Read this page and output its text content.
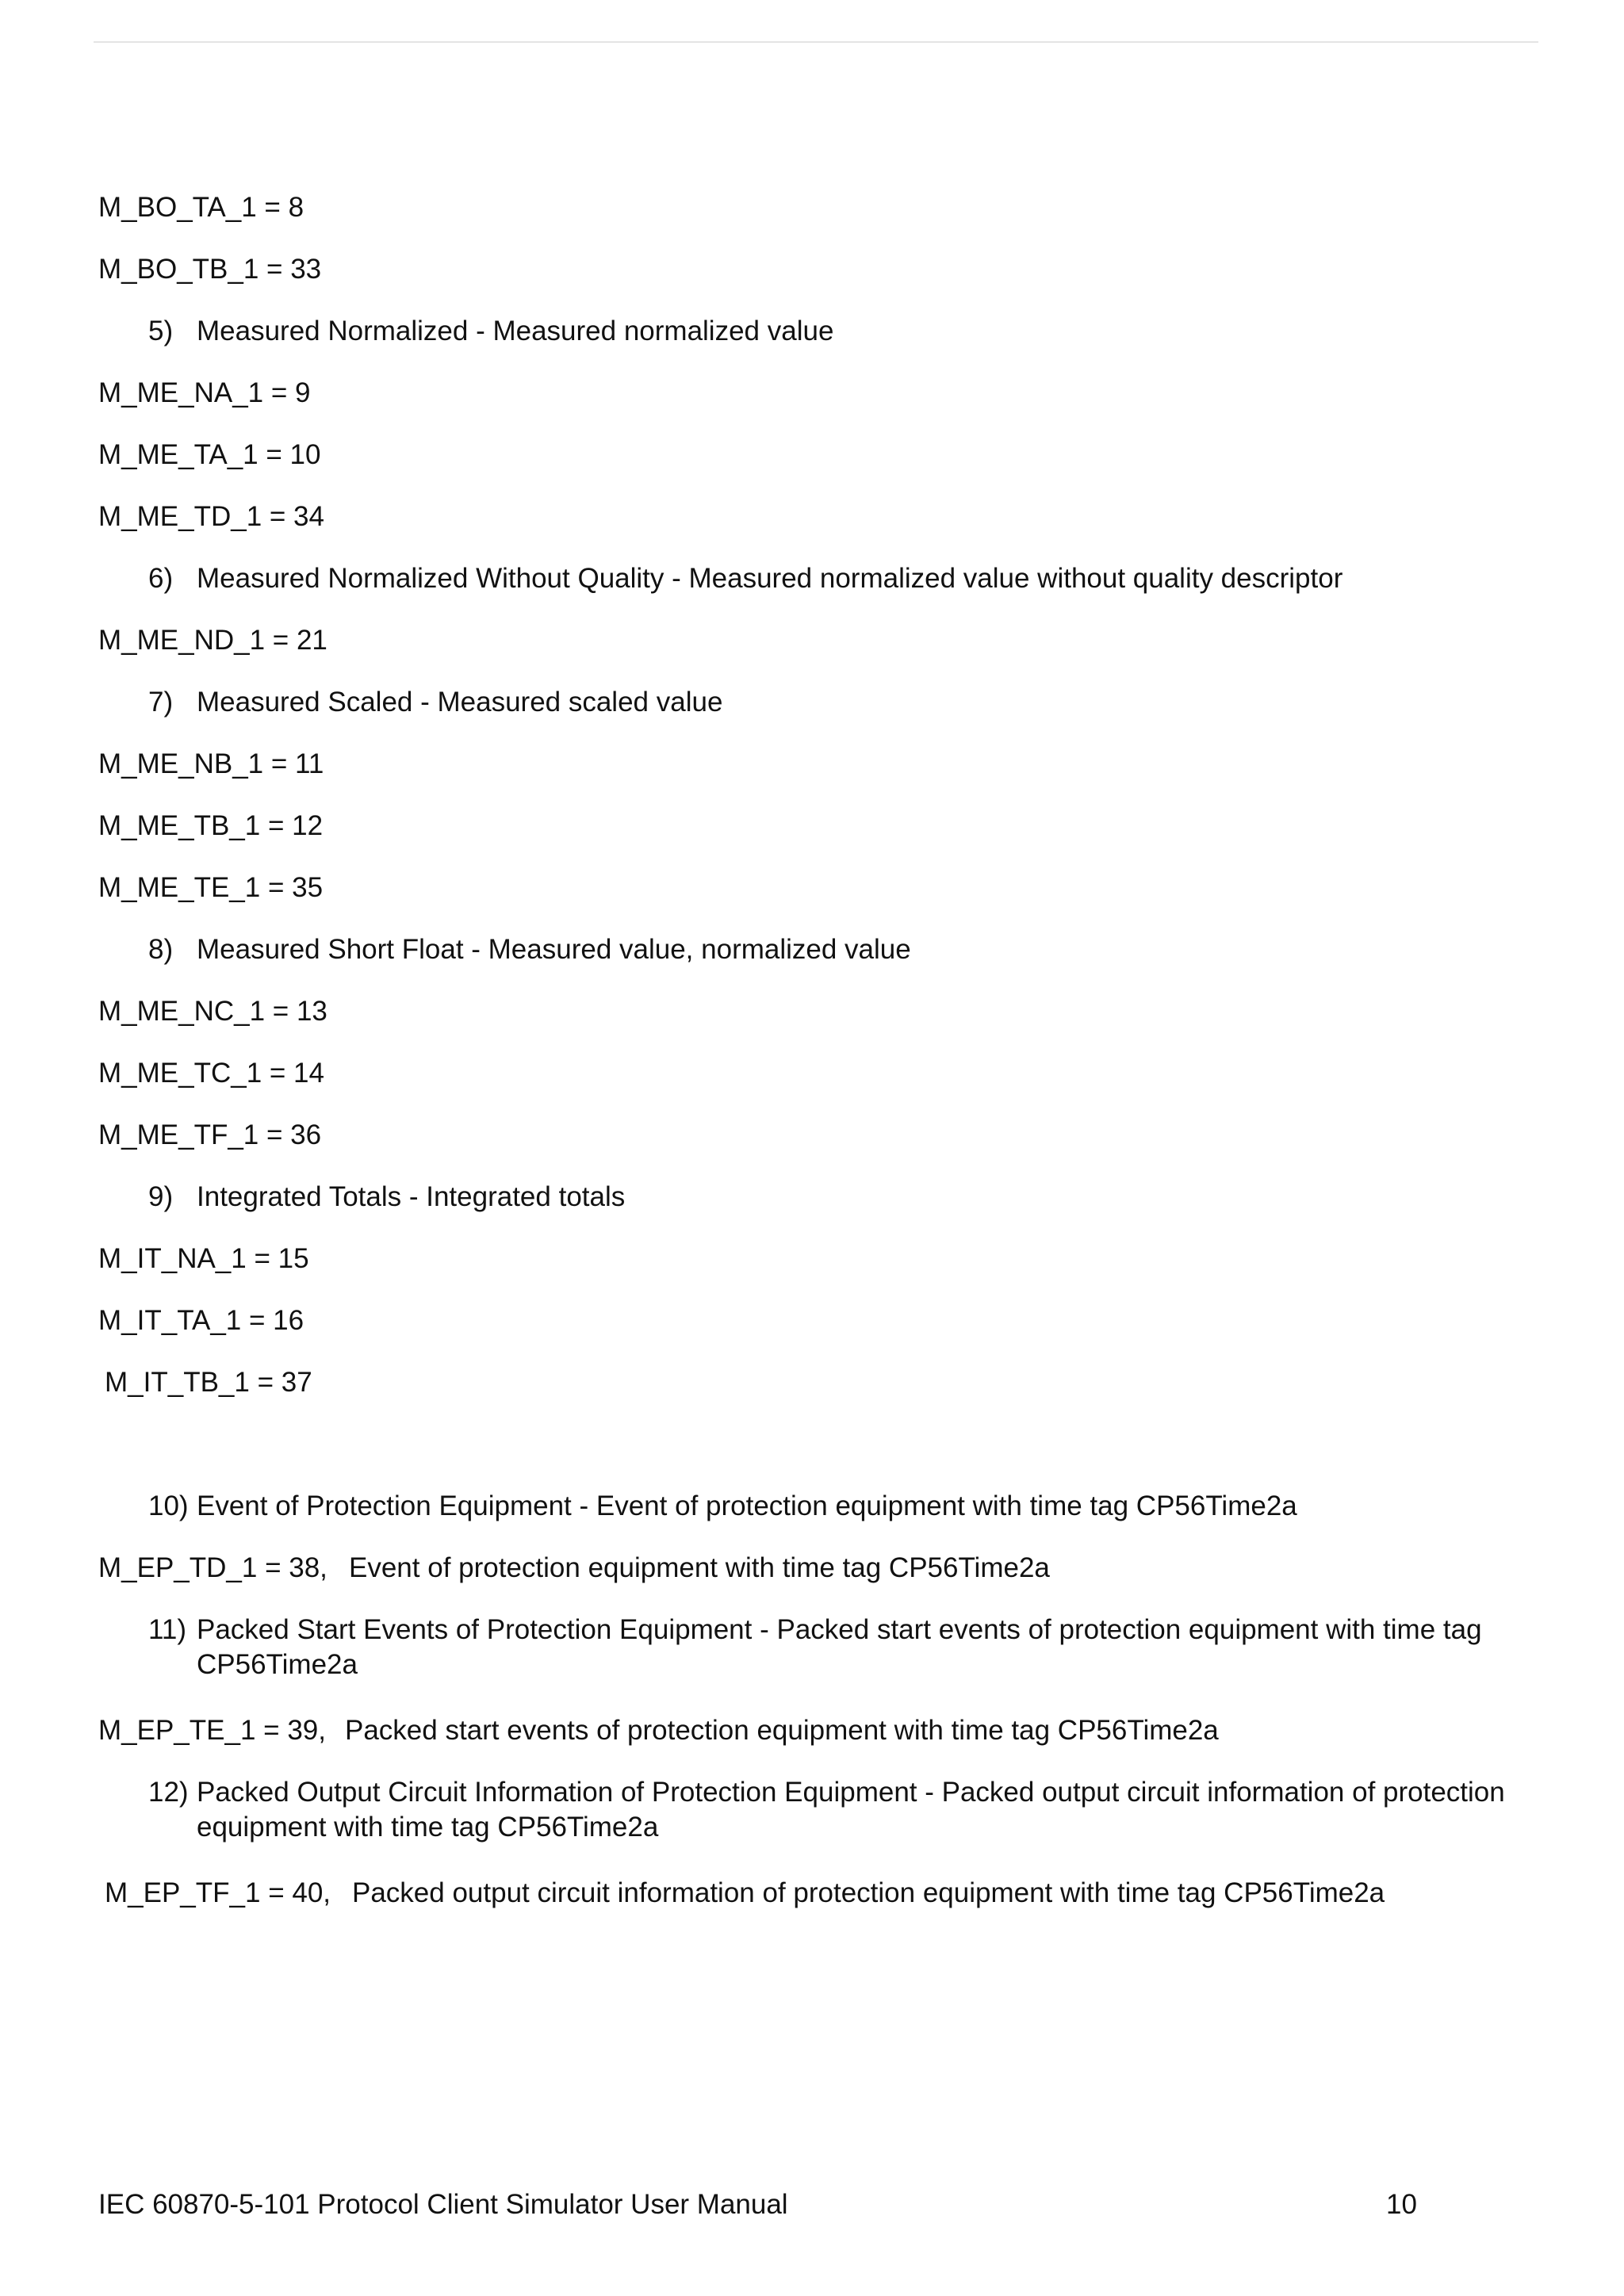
M_BO_TA_1 = 8
M_BO_TB_1 = 33
5) Measured Normalized - Measured normalized value
M_ME_NA_1 = 9
M_ME_TA_1 = 10
M_ME_TD_1 = 34
6) Measured Normalized Without Quality - Measured normalized value without quality descriptor
M_ME_ND_1 = 21
7) Measured Scaled - Measured scaled value
M_ME_NB_1 = 11
M_ME_TB_1 = 12
M_ME_TE_1 = 35
8) Measured Short Float - Measured value, normalized value
M_ME_NC_1 = 13
M_ME_TC_1 = 14
M_ME_TF_1 = 36
9) Integrated Totals - Integrated totals
M_IT_NA_1 = 15
M_IT_TA_1 = 16
M_IT_TB_1 = 37
10) Event of Protection Equipment - Event of protection equipment with time tag CP56Time2a
M_EP_TD_1 = 38, Event of protection equipment with time tag CP56Time2a
11) Packed Start Events of Protection Equipment - Packed start events of protection equipment with time tag CP56Time2a
M_EP_TE_1 = 39, Packed start events of protection equipment with time tag CP56Time2a
12) Packed Output Circuit Information of Protection Equipment - Packed output circuit information of protection equipment with time tag CP56Time2a
M_EP_TF_1 = 40, Packed output circuit information of protection equipment with time tag CP56Time2a
IEC 60870-5-101 Protocol Client Simulator User Manual	10
